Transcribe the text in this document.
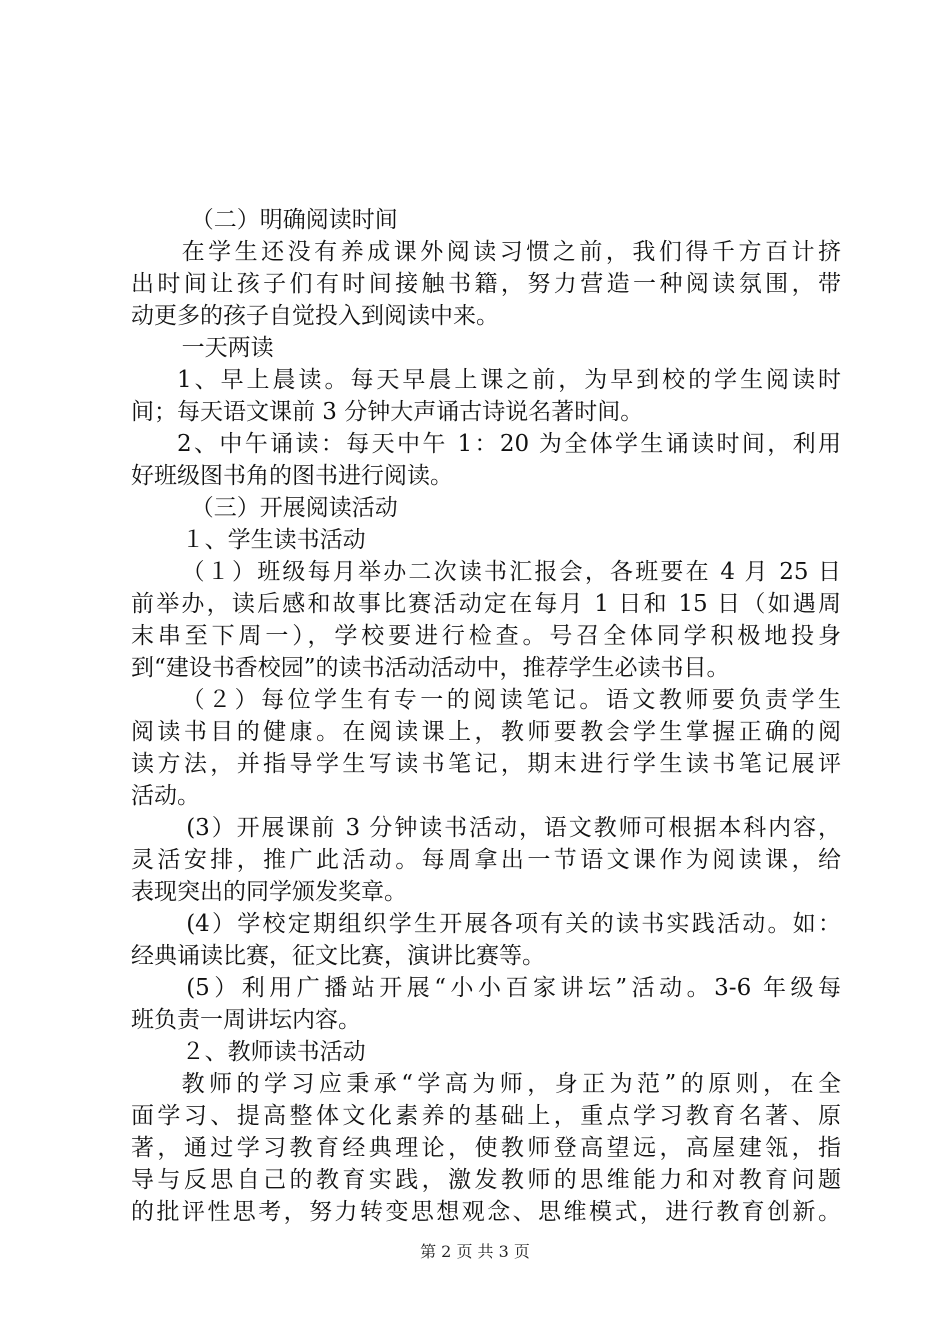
（二）明确阅读时间
在学生还没有养成课外阅读习惯之前，我们得千方百计挤
出时间让孩子们有时间接触书籍，努力营造一种阅读氛围，带
动更多的孩子自觉投入到阅读中来。
一天两读
1、早上晨读。每天早晨上课之前，为早到校的学生阅读时
间；每天语文课前 3 分钟大声诵古诗说名著时间。
2、中午诵读：每天中午 1：20 为全体学生诵读时间，利用
好班级图书角的图书进行阅读。
（三）开展阅读活动
１、学生读书活动
（１）班级每月举办二次读书汇报会，各班要在 4 月 25 日
前举办，读后感和故事比赛活动定在每月 1 日和 15 日（如遇周
末串至下周一），学校要进行检查。号召全体同学积极地投身
到“建设书香校园”的读书活动活动中，推荐学生必读书目。
（２）每位学生有专一的阅读笔记。语文教师要负责学生
阅读书目的健康。在阅读课上，教师要教会学生掌握正确的阅
读方法，并指导学生写读书笔记，期末进行学生读书笔记展评
活动。
(3）开展课前 3 分钟读书活动，语文教师可根据本科内容，
灵活安排，推广此活动。每周拿出一节语文课作为阅读课，给
表现突出的同学颁发奖章。
(4）学校定期组织学生开展各项有关的读书实践活动。如：
经典诵读比赛，征文比赛，演讲比赛等。
(5）利用广播站开展“小小百家讲坛”活动。3-6 年级每
班负责一周讲坛内容。
２、教师读书活动
教师的学习应秉承“学高为师，身正为范”的原则，在全
面学习、提高整体文化素养的基础上，重点学习教育名著、原
著，通过学习教育经典理论，使教师登高望远，高屋建瓴，指
导与反思自己的教育实践，激发教师的思维能力和对教育问题
的批评性思考，努力转变思想观念、思维模式，进行教育创新。
第 2 页 共 3 页
